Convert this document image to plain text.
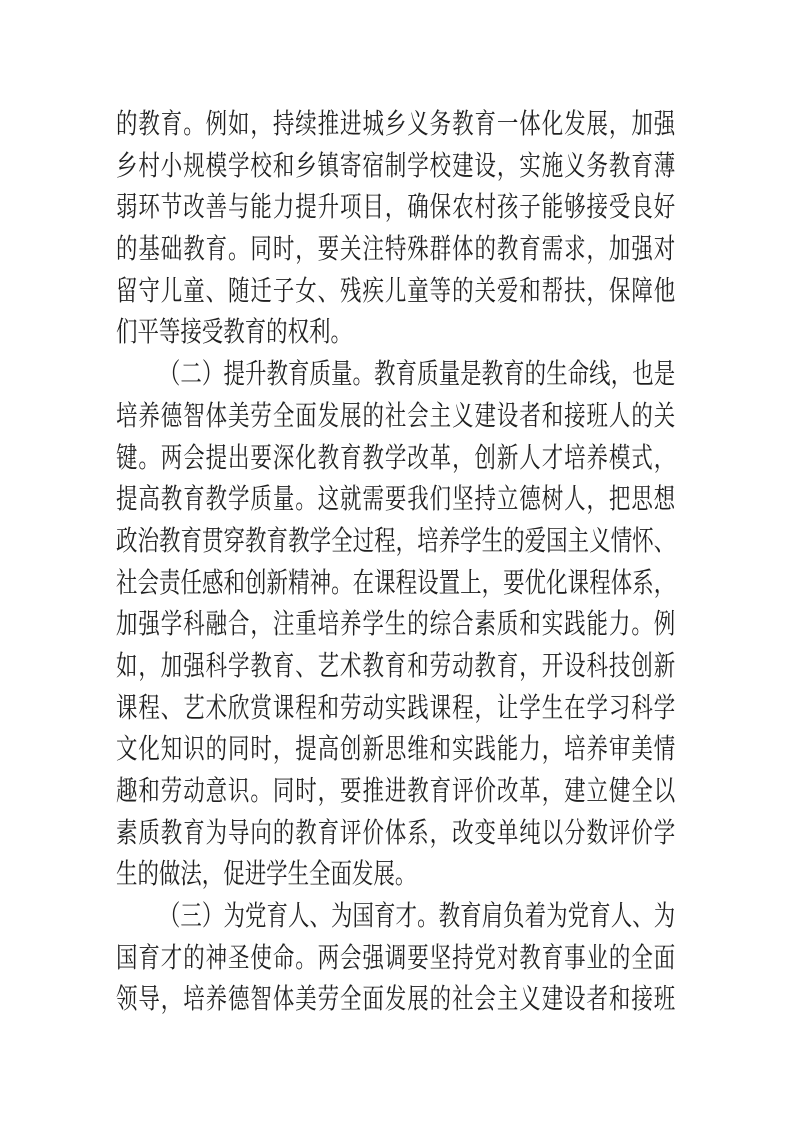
的教育。例如，持续推进城乡义务教育一体化发展，加强
乡村小规模学校和乡镇寄宿制学校建设，实施义务教育薄
弱环节改善与能力提升项目，确保农村孩子能够接受良好
的基础教育。同时，要关注特殊群体的教育需求，加强对
留守儿童、随迁子女、残疾儿童等的关爱和帮扶，保障他
们平等接受教育的权利。
（二）提升教育质量。教育质量是教育的生命线，也是
培养德智体美劳全面发展的社会主义建设者和接班人的关
键。两会提出要深化教育教学改革，创新人才培养模式，
提高教育教学质量。这就需要我们坚持立德树人，把思想
政治教育贯穿教育教学全过程，培养学生的爱国主义情怀、
社会责任感和创新精神。在课程设置上，要优化课程体系，
加强学科融合，注重培养学生的综合素质和实践能力。例
如，加强科学教育、艺术教育和劳动教育，开设科技创新
课程、艺术欣赏课程和劳动实践课程，让学生在学习科学
文化知识的同时，提高创新思维和实践能力，培养审美情
趣和劳动意识。同时，要推进教育评价改革，建立健全以
素质教育为导向的教育评价体系，改变单纯以分数评价学
生的做法，促进学生全面发展。
（三）为党育人、为国育才。教育肩负着为党育人、为
国育才的神圣使命。两会强调要坚持党对教育事业的全面
领导，培养德智体美劳全面发展的社会主义建设者和接班
